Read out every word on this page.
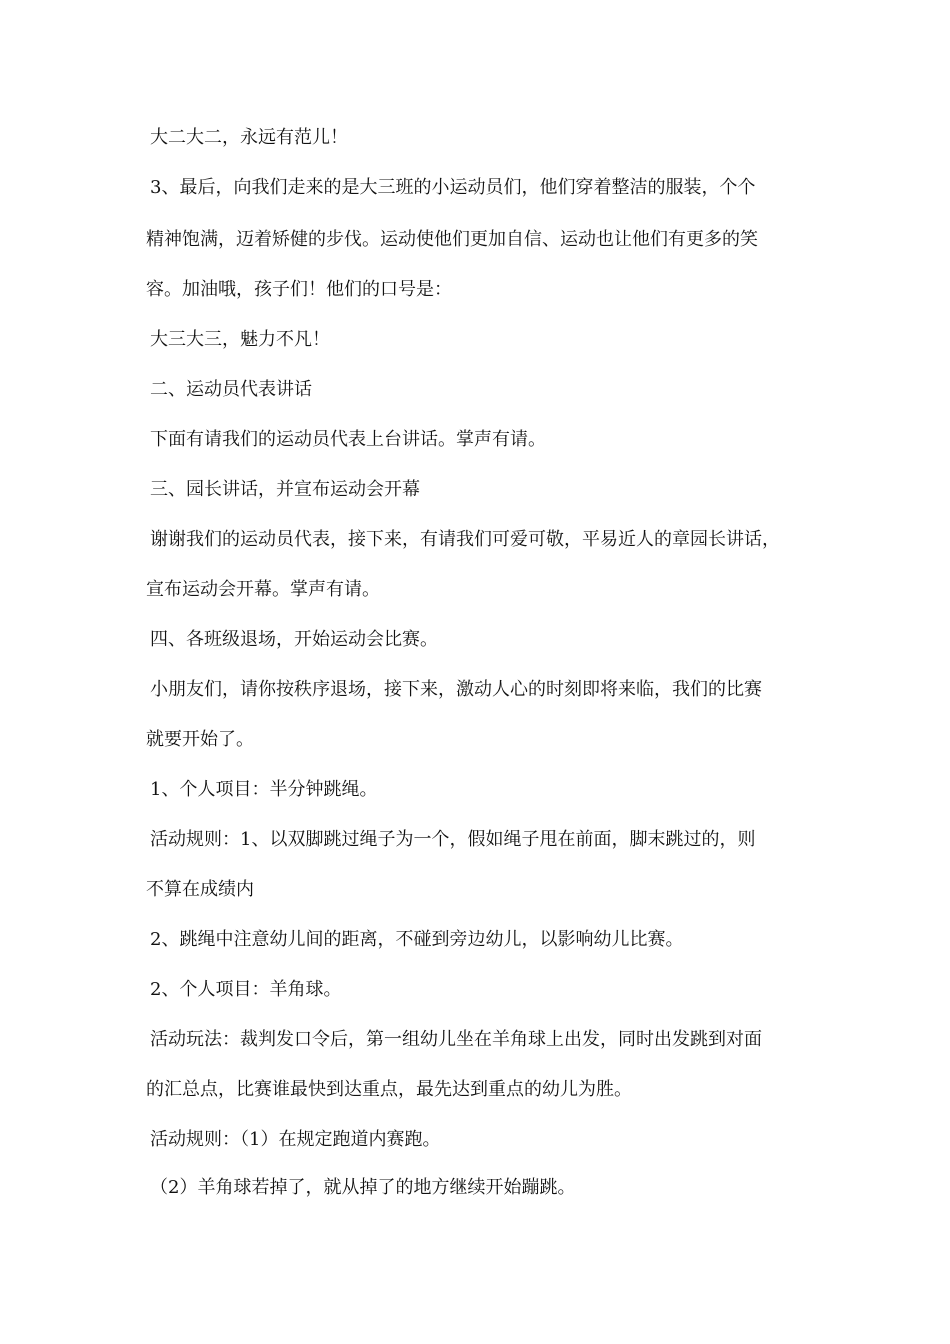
大二大二，永远有范儿！
3、最后，向我们走来的是大三班的小运动员们，他们穿着整洁的服装，个个
精神饱满，迈着矫健的步伐。运动使他们更加自信、运动也让他们有更多的笑
容。加油哦，孩子们！他们的口号是：
大三大三，魅力不凡！
二、运动员代表讲话
下面有请我们的运动员代表上台讲话。掌声有请。
三、园长讲话，并宣布运动会开幕
谢谢我们的运动员代表，接下来，有请我们可爱可敬，平易近人的章园长讲话，
宣布运动会开幕。掌声有请。
四、各班级退场，开始运动会比赛。
小朋友们，请你按秩序退场，接下来，激动人心的时刻即将来临，我们的比赛
就要开始了。
1、个人项目：半分钟跳绳。
活动规则：1、以双脚跳过绳子为一个，假如绳子甩在前面，脚末跳过的，则
不算在成绩内
2、跳绳中注意幼儿间的距离，不碰到旁边幼儿，以影响幼儿比赛。
2、个人项目：羊角球。
活动玩法：裁判发口令后，第一组幼儿坐在羊角球上出发，同时出发跳到对面
的汇总点，比赛谁最快到达重点，最先达到重点的幼儿为胜。
活动规则：（1）在规定跑道内赛跑。
（2）羊角球若掉了，就从掉了的地方继续开始蹦跳。
